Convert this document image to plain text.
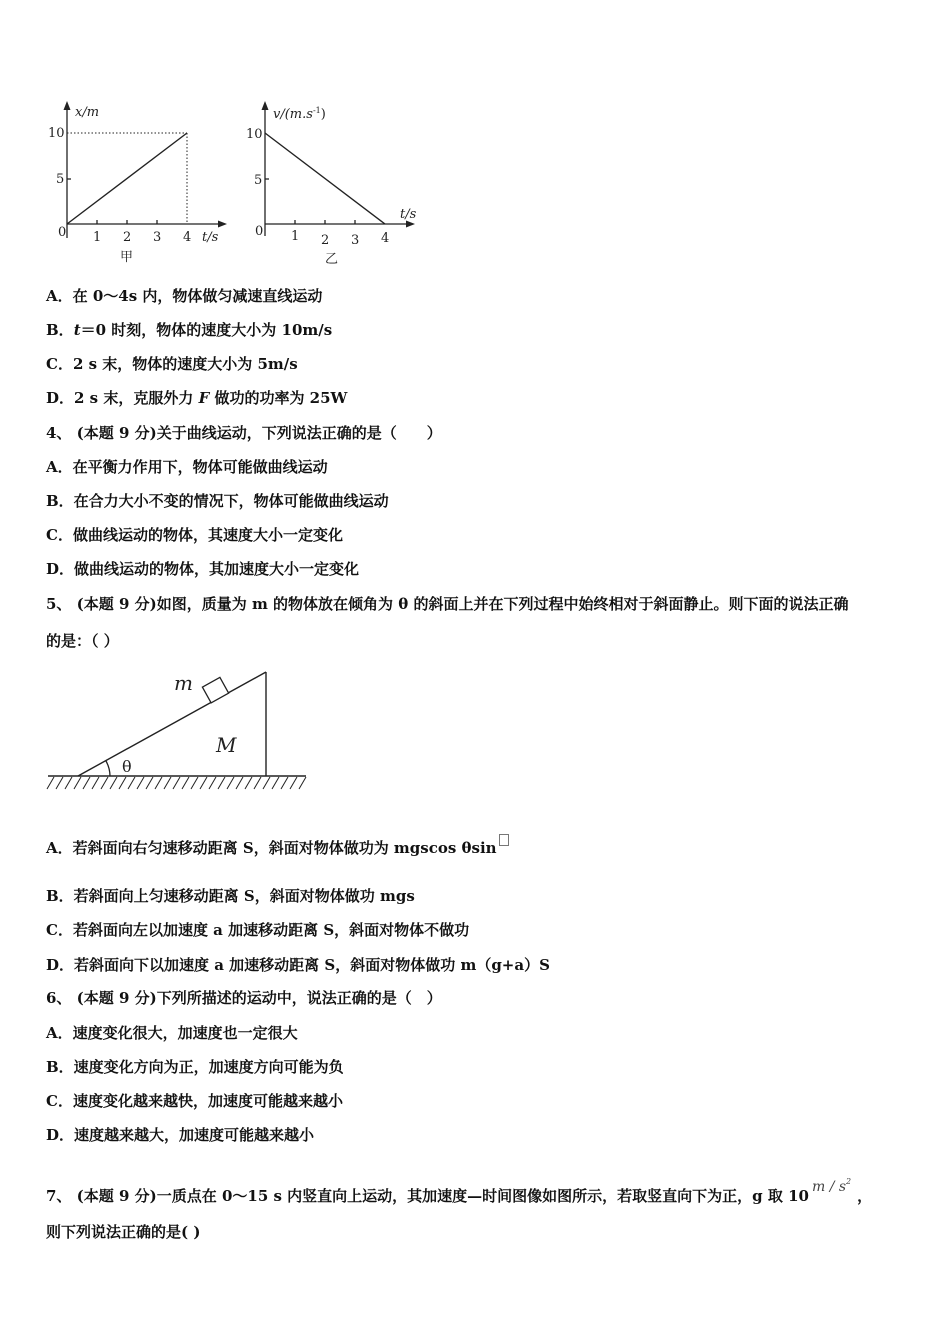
x/m
10
5
0 1 2 3 4 t/s
甲
$v/(m.s^{-1})$
10
5
0 1 2 3 4
t/s
乙
A．在 0～4s 内，物体做匀减速直线运动
B．t＝0 时刻，物体的速度大小为 10m/s
C．2 s 末，物体的速度大小为 5m/s
D．2 s 末，克服外力 F 做功的功率为 25W
4、 (本题 9 分)关于曲线运动，下列说法正确的是（　　）
A．在平衡力作用下，物体可能做曲线运动
B．在合力大小不变的情况下，物体可能做曲线运动
C．做曲线运动的物体，其速度大小一定变化
D．做曲线运动的物体，其加速度大小一定变化
5、 (本题 9 分)如图，质量为 m 的物体放在倾角为 θ 的斜面上并在下列过程中始终相对于斜面静止。则下面的说法正确
的是：（ ）
m
M
θ
A．若斜面向右匀速移动距离 S，斜面对物体做功为 mgscos θsin
B．若斜面向上匀速移动距离 S，斜面对物体做功 mgs
C．若斜面向左以加速度 a 加速移动距离 S，斜面对物体不做功
D．若斜面向下以加速度 a 加速移动距离 S，斜面对物体做功 m（g+a）S
6、 (本题 9 分)下列所描述的运动中，说法正确的是（　）
A．速度变化很大，加速度也一定很大
B．速度变化方向为正，加速度方向可能为负
C．速度变化越来越快，加速度可能越来越小
D．速度越来越大，加速度可能越来越小
7、 (本题 9 分)一质点在 0～15 s 内竖直向上运动，其加速度—时间图像如图所示，若取竖直向下为正，g 取 10 m / $s^2$，
则下列说法正确的是( )
